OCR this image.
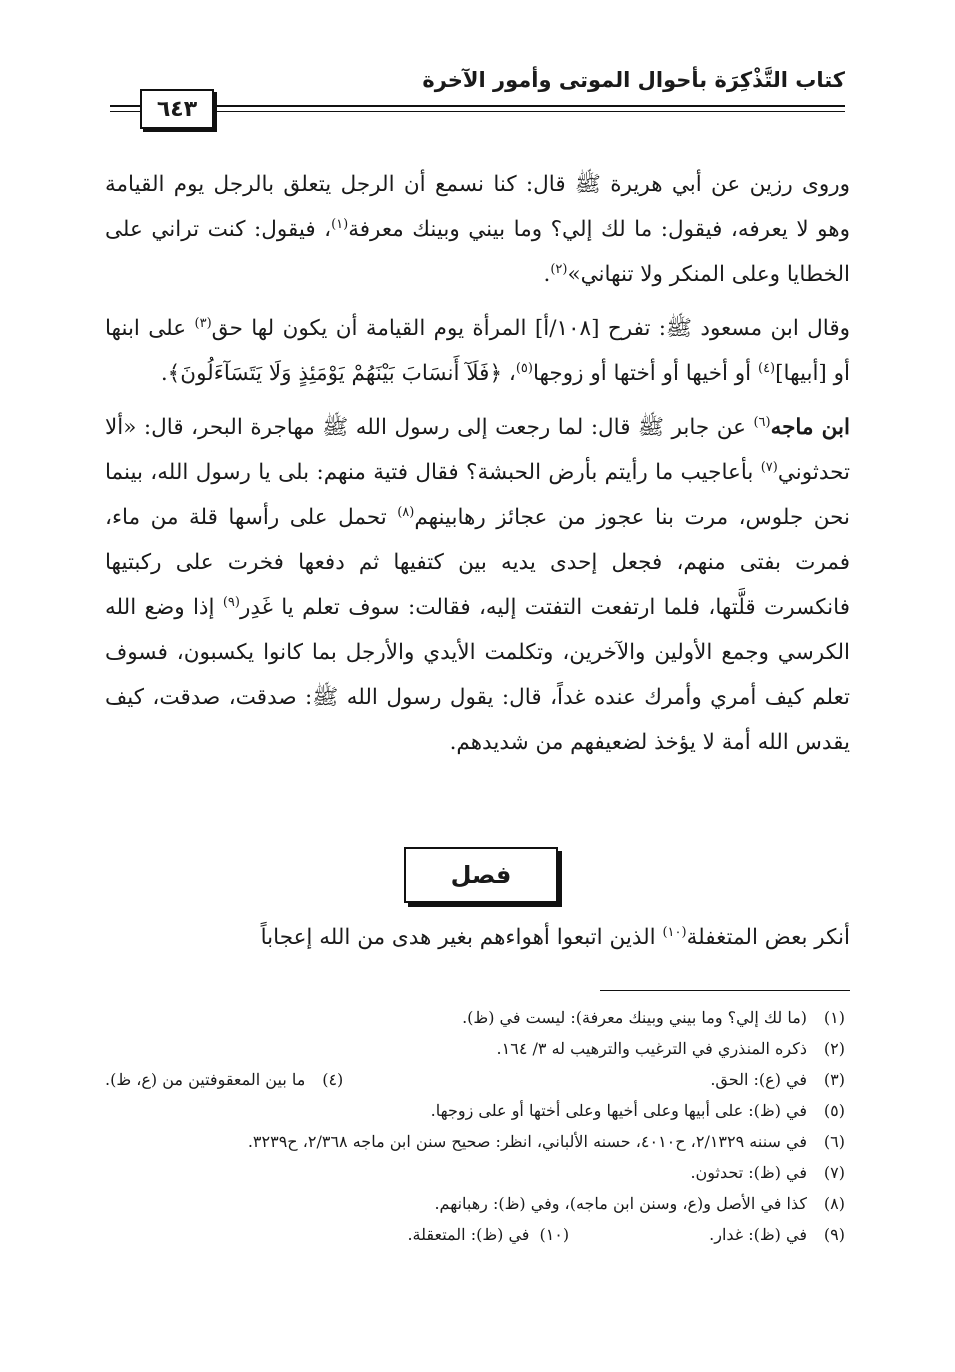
كتاب التَّذْكِرَة بأحوال الموتى وأمور الآخرة
٦٤٣

وروى رزين عن أبي هريرة ﷺ قال: كنا نسمع أن الرجل يتعلق بالرجل يوم القيامة وهو لا يعرفه، فيقول: ما لك إلي؟ وما بيني وبينك معرفة$^{(١)}$، فيقول: كنت تراني على الخطايا وعلى المنكر ولا تنهاني»$^{(٢)}$.

وقال ابن مسعود ﷺ: تفرح [١٠٨/أ] المرأة يوم القيامة أن يكون لها حق$^{(٣)}$ على ابنها أو [أبيها]$^{(٤)}$ أو أخيها أو أختها أو زوجها$^{(٥)}$، ﴿فَلَآ أَنسَابَ بَيْنَهُمْ يَوْمَئِذٍ وَلَا يَتَسَآءَلُونَ﴾.

ابن ماجه$^{(٦)}$ عن جابر ﷺ قال: لما رجعت إلى رسول الله ﷺ مهاجرة البحر، قال: «ألا تحدثوني$^{(٧)}$ بأعاجيب ما رأيتم بأرض الحبشة؟ فقال فتية منهم: بلى يا رسول الله، بينما نحن جلوس، مرت بنا عجوز من عجائز رهابينهم$^{(٨)}$ تحمل على رأسها قلة من ماء، فمرت بفتى منهم، فجعل إحدى يديه بين كتفيها ثم دفعها فخرت على ركبتيها فانكسرت قلَّتها، فلما ارتفعت التفتت إليه، فقالت: سوف تعلم يا غَدِر$^{(٩)}$ إذا وضع الله الكرسي وجمع الأولين والآخرين، وتكلمت الأيدي والأرجل بما كانوا يكسبون، فسوف تعلم كيف أمري وأمرك عنده غداً، قال: يقول رسول الله ﷺ: صدقت، صدقت، كيف يقدس الله أمة لا يؤخذ لضعيفهم من شديدهم.

فصل
أنكر بعض المتغفلة$^{(١٠)}$ الذين اتبعوا أهواءهم بغير هدى من الله إعجاباً
(١)
(ما لك إلي؟ وما بيني وبينك معرفة): ليست في (ظ).
(٢)
ذكره المنذري في الترغيب والترهيب له ٣/ ١٦٤.
(٣)
في (ع): الحق.
(٤)
ما بين المعقوفتين من (ع، ظ).
(٥)
في (ظ): على أبيها وعلى أخيها وعلى أختها أو على زوجها.
(٦)
في سننه ٢/١٣٢٩، ح٤٠١٠، حسنه الألباني، انظر: صحيح سنن ابن ماجه ٢/٣٦٨، ح٣٢٣٩.
(٧)
في (ظ): تحدثون.
(٨)
كذا في الأصل و(ع، وسنن ابن ماجه)، وفي (ظ): رهبانهم.
(٩)
في (ظ): غدار.
(١٠)
في (ظ): المتعقلة.
